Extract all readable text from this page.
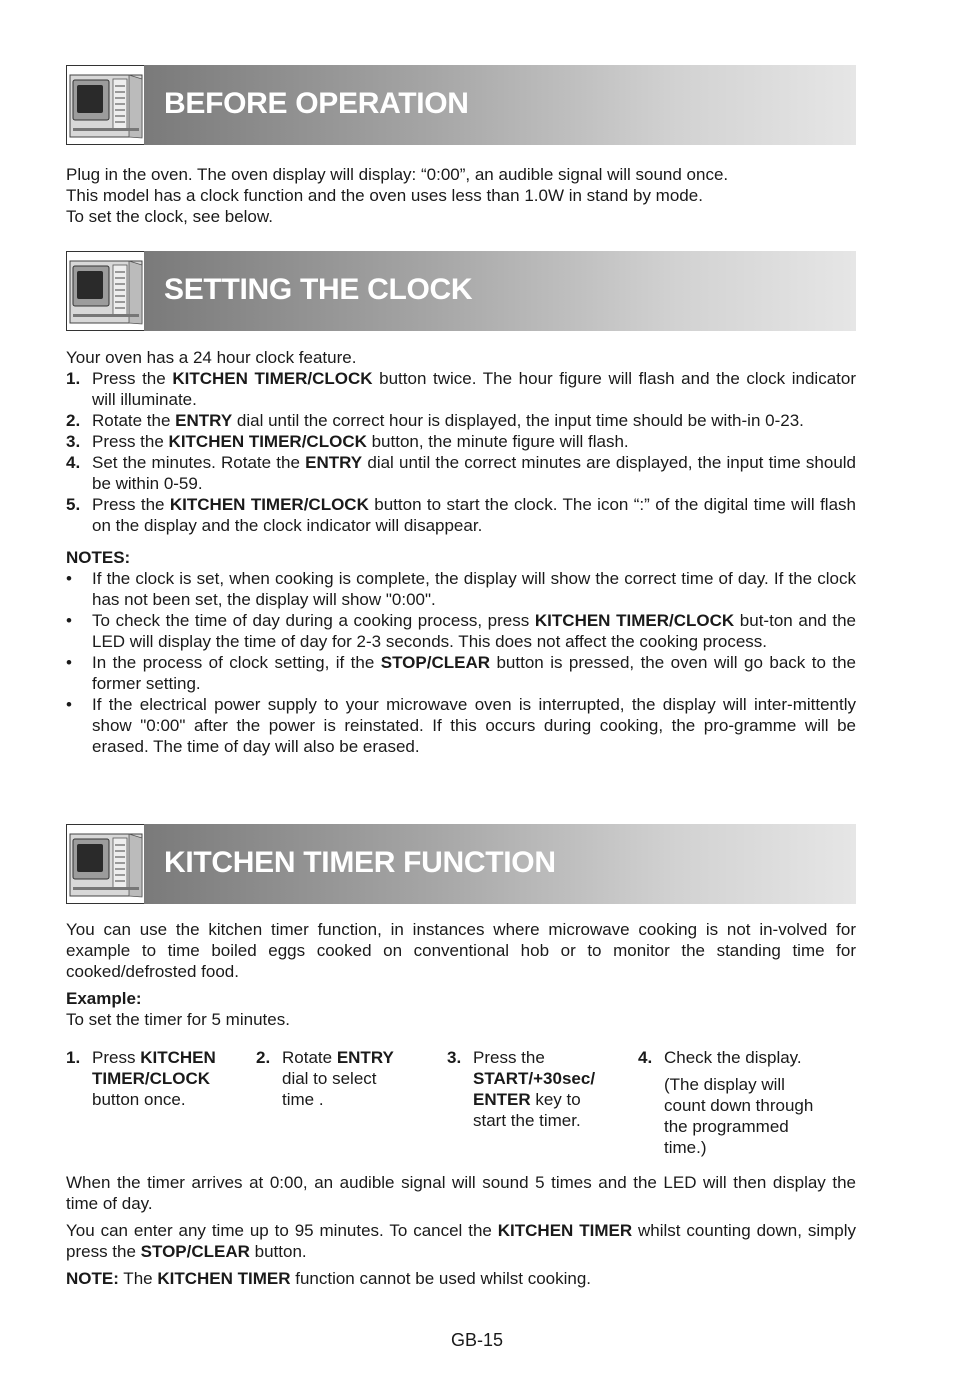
BEFORE OPERATION

Plug in the oven. The oven display will display: “0:00”, an audible signal will sound once.

This model has a clock function and the oven uses less than 1.0W in stand by mode.

To set the clock, see below.

SETTING THE CLOCK

Your oven has a 24 hour clock feature.

1. Press the KITCHEN TIMER/CLOCK button twice. The hour figure will flash and the clock indicator will illuminate.
2. Rotate the ENTRY dial until the correct hour is displayed, the input time should be with-in 0-23.
3. Press the KITCHEN TIMER/CLOCK button, the minute figure will flash.
4. Set the minutes. Rotate the ENTRY dial until the correct minutes are displayed, the input time should be within 0-59.
5. Press the KITCHEN TIMER/CLOCK button to start the clock. The icon “:” of the digital time will flash on the display and the clock indicator will disappear.

NOTES:

•	If the clock is set, when cooking is complete, the display will show the correct time of day. If the clock has not been set, the display will show "0:00".
•	To check the time of day during a cooking process, press KITCHEN TIMER/CLOCK but-ton and the LED will display the time of day for 2-3 seconds. This does not affect the cooking process.
•	In the process of clock setting, if the STOP/CLEAR button is pressed, the oven will go back to the former setting.
•	If the electrical power supply to your microwave oven is interrupted, the display will inter-mittently show "0:00" after the power is reinstated. If this occurs during cooking, the pro-gramme will be erased. The time of day will also be erased.
KITCHEN TIMER FUNCTION

You can use the kitchen timer function, in instances where microwave cooking is not in-volved for example to time boiled eggs cooked on conventional hob or to monitor the standing time for cooked/defrosted food.

Example:

To set the timer for 5 minutes.

1. Press KITCHEN TIMER/CLOCK button once.
2. Rotate ENTRY dial to select time .
3. Press the START/+30sec/ ENTER key to start the timer.
4. Check the display.
(The display will count down through the programmed time.)

When the timer arrives at 0:00, an audible signal will sound 5 times and the LED will then display the time of day.

You can enter any time up to 95 minutes. To cancel the KITCHEN TIMER whilst counting down, simply press the STOP/CLEAR button.

NOTE: The KITCHEN TIMER function cannot be used whilst cooking.

GB-15
